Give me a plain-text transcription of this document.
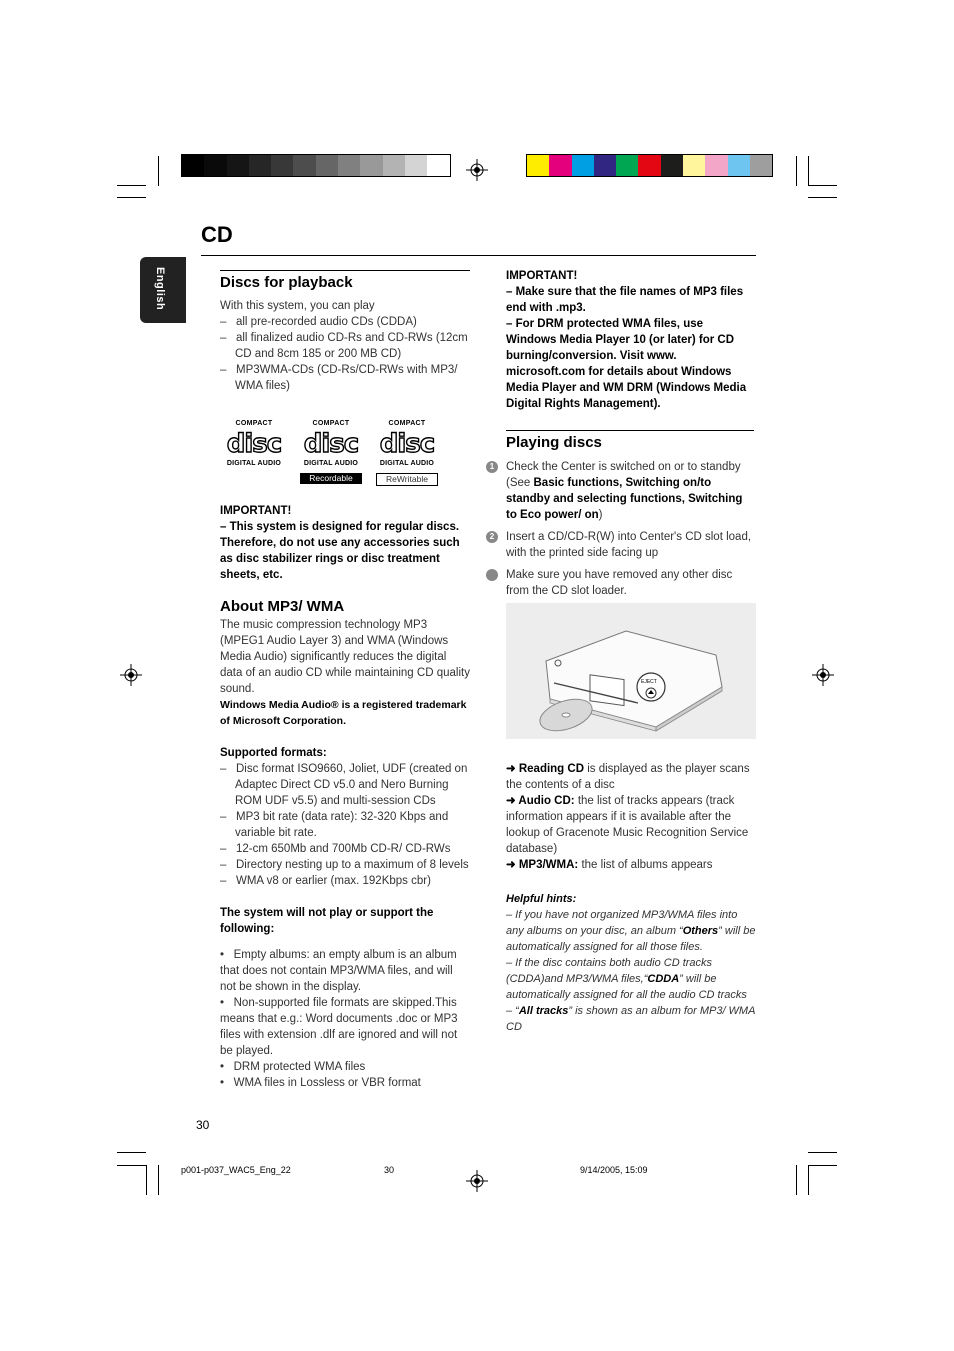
CD
English	Discs for playback

With this system, you can play

–   all pre-recorded audio CDs (CDDA)

–   all finalized audio CD-Rs and CD-RWs (12cm CD and 8cm 185 or 200 MB CD)

–   MP3WMA-CDs (CD-Rs/CD-RWs with MP3/ WMA files)

COMPACT
disc
DIGITAL AUDIO
COMPACT
disc
DIGITAL AUDIO
Recordable
COMPACT
disc
DIGITAL AUDIO
ReWritable

IMPORTANT!

– This system is designed for regular discs. Therefore, do not use any accessories such as disc stabilizer rings or disc treatment sheets, etc.

About MP3/ WMA

The music compression technology MP3 (MPEG1 Audio Layer 3) and WMA (Windows Media Audio) significantly reduces the digital data of an audio CD while maintaining CD quality sound.

Windows Media Audio® is a registered trademark of Microsoft Corporation.

Supported formats:

–   Disc format ISO9660, Joliet, UDF (created on Adaptec Direct CD v5.0 and Nero Burning ROM UDF v5.5) and multi-session CDs

–   MP3 bit rate (data rate): 32-320 Kbps and variable bit rate.

–   12-cm 650Mb and 700Mb CD-R/ CD-RWs

–   Directory nesting up to a maximum of 8 levels

–   WMA v8 or earlier (max. 192Kbps cbr)

The system will not play or support the following:

•   Empty albums: an empty album is an album that does not contain MP3/WMA files, and will not be shown in the display.

•   Non-supported file formats are skipped.This means that e.g.: Word documents .doc or MP3 files with extension .dlf are ignored and will not be played.

•   DRM protected WMA files

•   WMA files in Lossless or VBR format

IMPORTANT!

– Make sure that the file names of MP3 files end with .mp3.

– For DRM protected WMA files, use Windows Media Player 10 (or later) for CD burning/conversion. Visit www. microsoft.com for details about Windows Media Player and WM DRM (Windows Media Digital Rights Management).

Playing discs

1	Check the Center is switched on or to standby (See Basic functions, Switching on/to standby and selecting functions, Switching to Eco power/ on)

2	Insert a CD/CD-R(W) into Center's CD slot load, with the printed side facing up

Make sure you have removed any other disc from the CD slot loader.

EJECT

➜ Reading CD is displayed as the player scans the contents of a disc

➜ Audio CD: the list of tracks appears (track information appears if it is available after the lookup of Gracenote Music Recognition Service database)

➜ MP3/WMA: the list of albums appears

Helpful hints:

– If you have not organized MP3/WMA files into any albums on your disc, an album “Others” will be automatically assigned for all those files.

– If the disc contains both audio CD tracks (CDDA)and MP3/WMA files,“CDDA” will be automatically assigned for all the audio CD tracks

– “All tracks” is shown as an album for MP3/ WMA CD

30
p001-p037_WAC5_Eng_22	30	9/14/2005, 15:09
